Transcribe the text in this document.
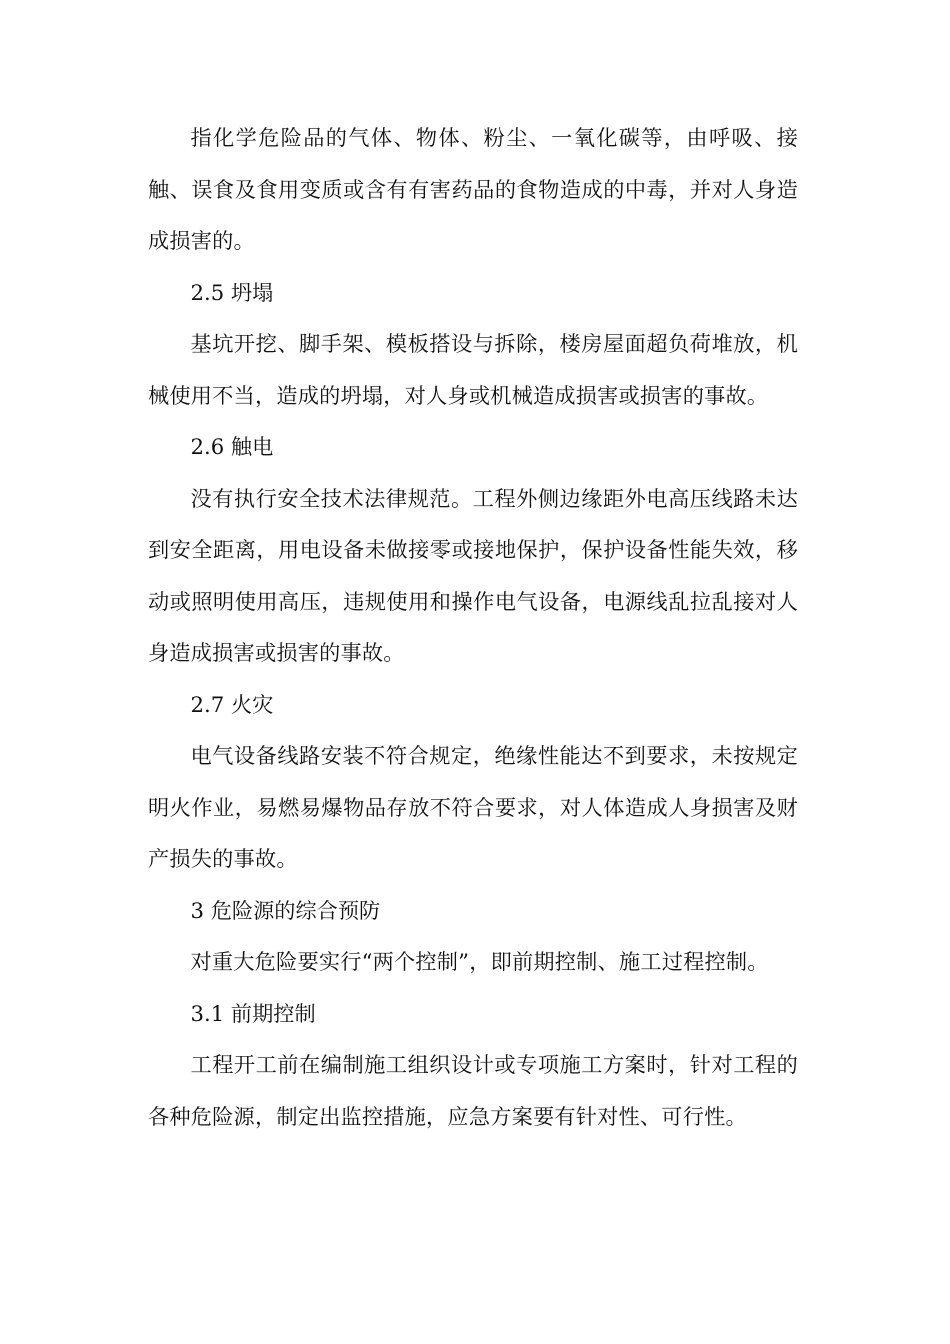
指化学危险品的气体、物体、粉尘、一氧化碳等，由呼吸、接触、误食及食用变质或含有有害药品的食物造成的中毒，并对人身造成损害的。

2.5 坍塌

基坑开挖、脚手架、模板搭设与拆除，楼房屋面超负荷堆放，机械使用不当，造成的坍塌，对人身或机械造成损害或损害的事故。

2.6 触电

没有执行安全技术法律规范。工程外侧边缘距外电高压线路未达到安全距离，用电设备未做接零或接地保护，保护设备性能失效，移动或照明使用高压，违规使用和操作电气设备，电源线乱拉乱接对人身造成损害或损害的事故。

2.7 火灾

电气设备线路安装不符合规定，绝缘性能达不到要求，未按规定明火作业，易燃易爆物品存放不符合要求，对人体造成人身损害及财产损失的事故。

3 危险源的综合预防

对重大危险要实行“两个控制”，即前期控制、施工过程控制。

3.1 前期控制

工程开工前在编制施工组织设计或专项施工方案时，针对工程的各种危险源，制定出监控措施，应急方案要有针对性、可行性。
